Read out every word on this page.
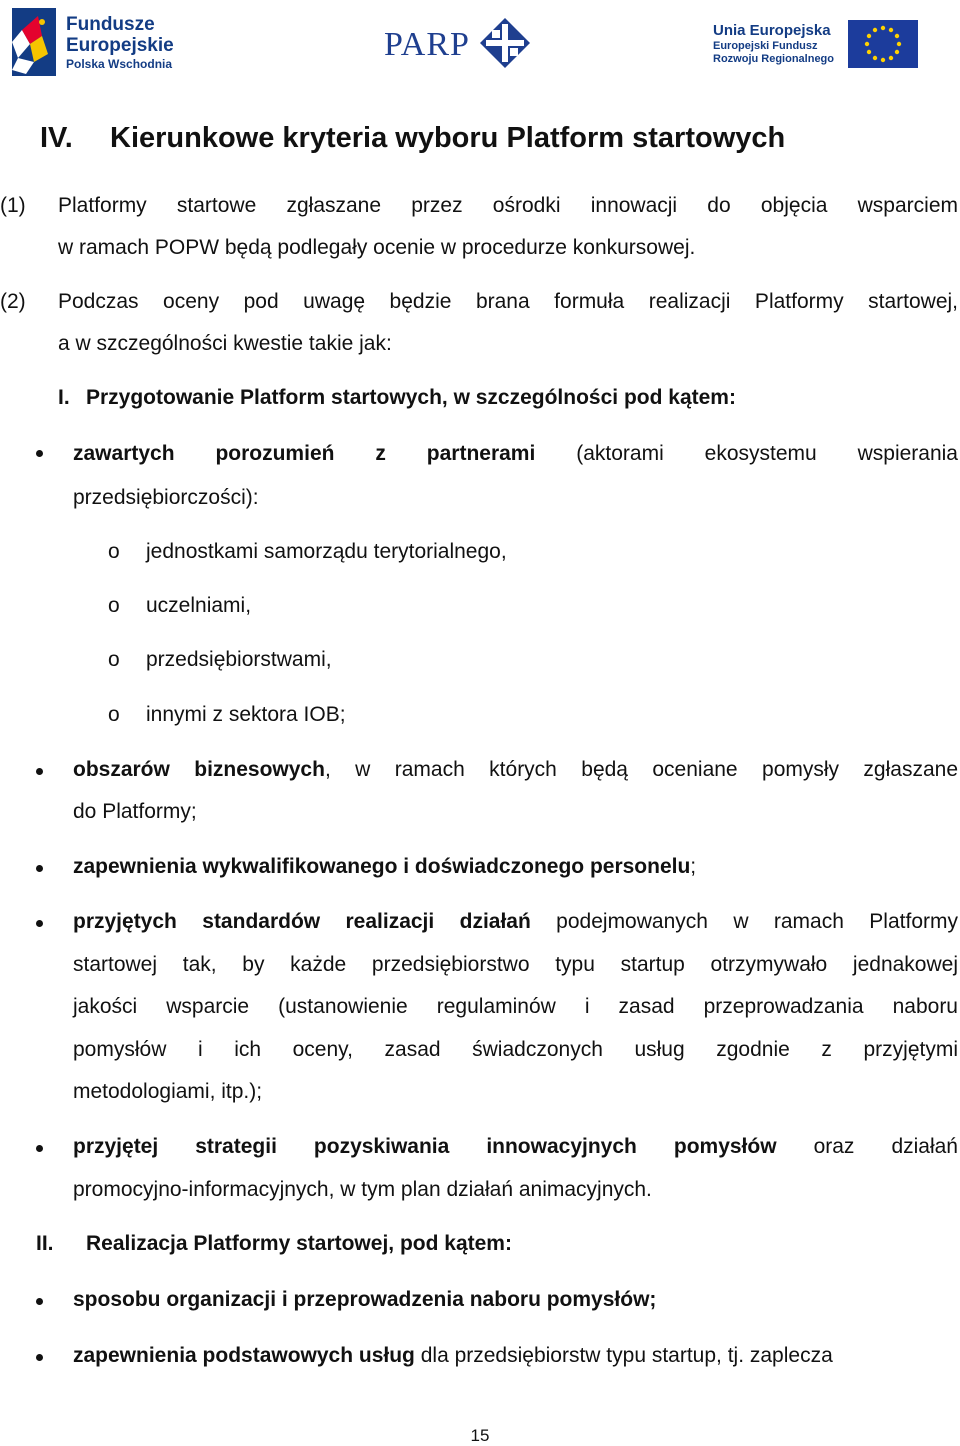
Fundusze
Europejskie
Polska Wschodnia
PARP	Unia Europejska
Europejski Fundusz
Rozwoju Regionalnego
IV. Kierunkowe kryteria wyboru Platform startowych
(1) Platformy startowe zgłaszane przez ośrodki innowacji do objęcia wsparciem
w ramach POPW będą podlegały ocenie w procedurze konkursowej.
(2) Podczas oceny pod uwagę będzie brana formuła realizacji Platformy startowej,
a w szczególności kwestie takie jak:
I. Przygotowanie Platform startowych, w szczególności pod kątem:
zawartych porozumień z partnerami (aktorami ekosystemu wspierania
przedsiębiorczości):
o jednostkami samorządu terytorialnego,
o uczelniami,
o przedsiębiorstwami,
o innymi z sektora IOB;
obszarów biznesowych, w ramach których będą oceniane pomysły zgłaszane
do Platformy;
zapewnienia wykwalifikowanego i doświadczonego personelu;
przyjętych standardów realizacji działań podejmowanych w ramach Platformy
startowej tak, by każde przedsiębiorstwo typu startup otrzymywało jednakowej
jakości wsparcie (ustanowienie regulaminów i zasad przeprowadzania naboru
pomysłów i ich oceny, zasad świadczonych usług zgodnie z przyjętymi
metodologiami, itp.);
przyjętej strategii pozyskiwania innowacyjnych pomysłów oraz działań
promocyjno-informacyjnych, w tym plan działań animacyjnych.
II. Realizacja Platformy startowej, pod kątem:
sposobu organizacji i przeprowadzenia naboru pomysłów;
zapewnienia podstawowych usług dla przedsiębiorstw typu startup, tj. zaplecza
15
